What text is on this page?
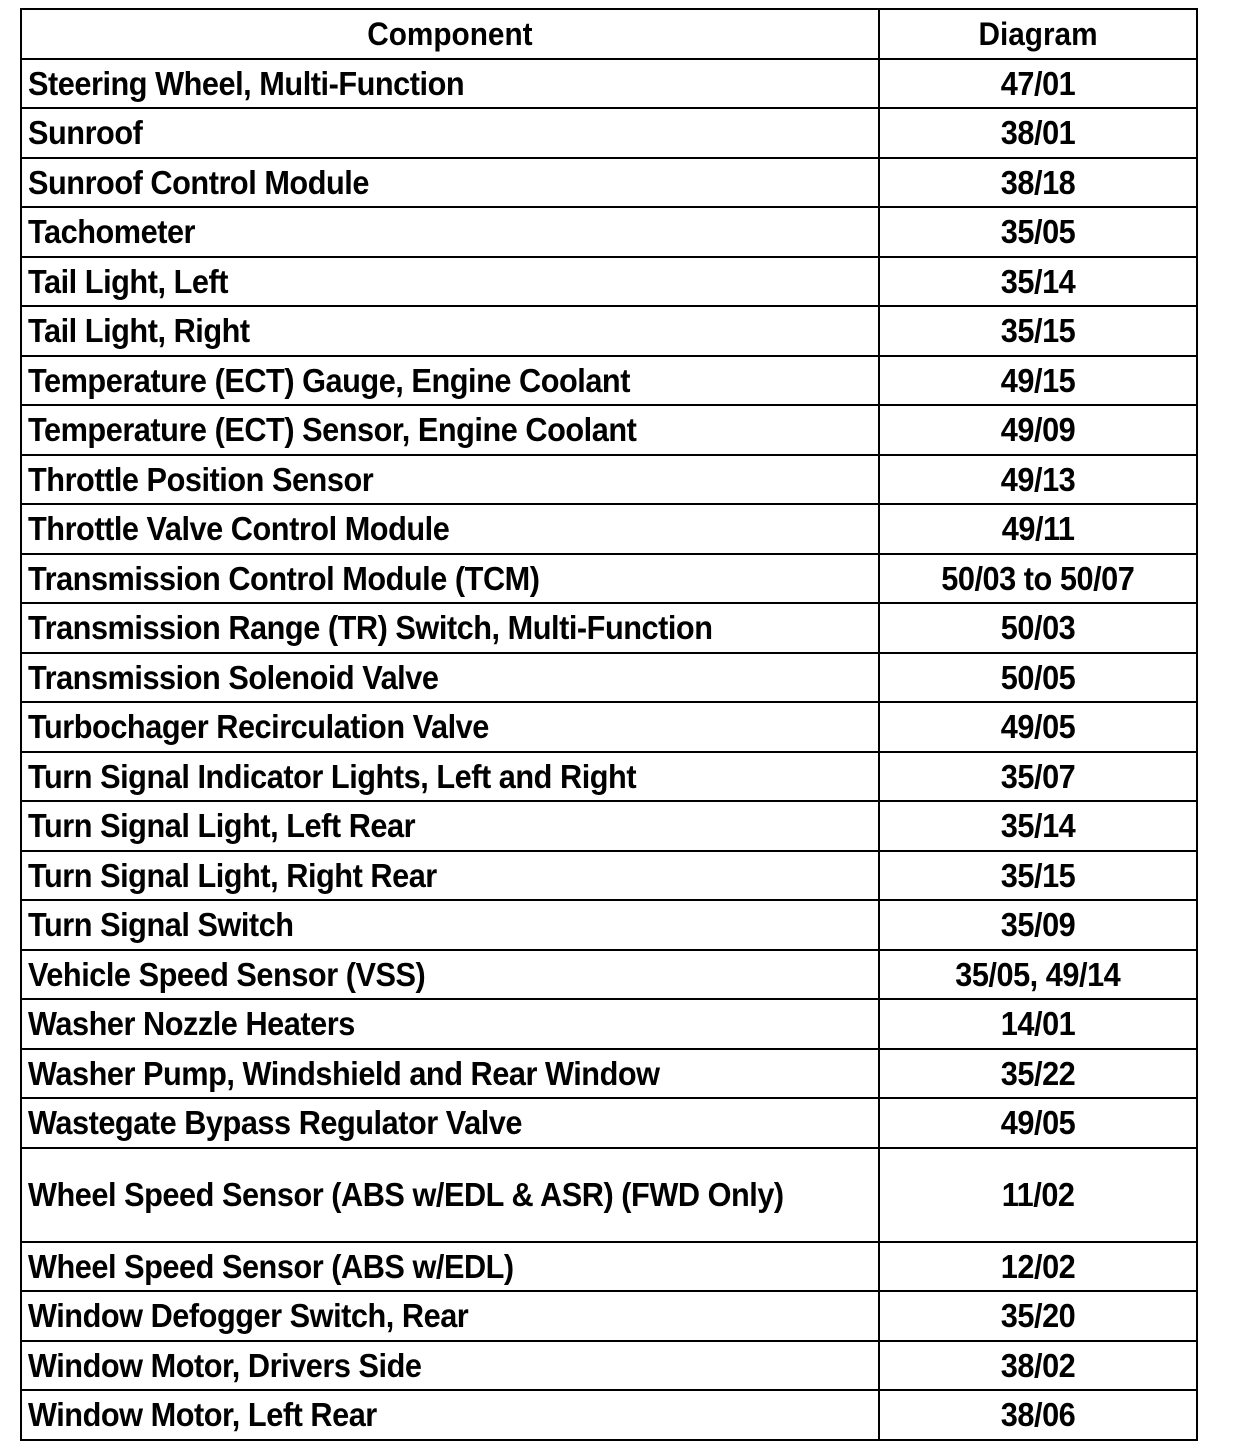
Component	Diagram
Steering Wheel, Multi-Function	47/01
Sunroof	38/01
Sunroof Control Module	38/18
Tachometer	35/05
Tail Light, Left	35/14
Tail Light, Right	35/15
Temperature (ECT) Gauge, Engine Coolant	49/15
Temperature (ECT) Sensor, Engine Coolant	49/09
Throttle Position Sensor	49/13
Throttle Valve Control Module	49/11
Transmission Control Module (TCM)	50/03 to 50/07
Transmission Range (TR) Switch, Multi-Function	50/03
Transmission Solenoid Valve	50/05
Turbochager Recirculation Valve	49/05
Turn Signal Indicator Lights, Left and Right	35/07
Turn Signal Light, Left Rear	35/14
Turn Signal Light, Right Rear	35/15
Turn Signal Switch	35/09
Vehicle Speed Sensor (VSS)	35/05, 49/14
Washer Nozzle Heaters	14/01
Washer Pump, Windshield and Rear Window	35/22
Wastegate Bypass Regulator Valve	49/05
Wheel Speed Sensor (ABS w/EDL & ASR) (FWD Only)	11/02
Wheel Speed Sensor (ABS w/EDL)	12/02
Window Defogger Switch, Rear	35/20
Window Motor, Drivers Side	38/02
Window Motor, Left Rear	38/06
